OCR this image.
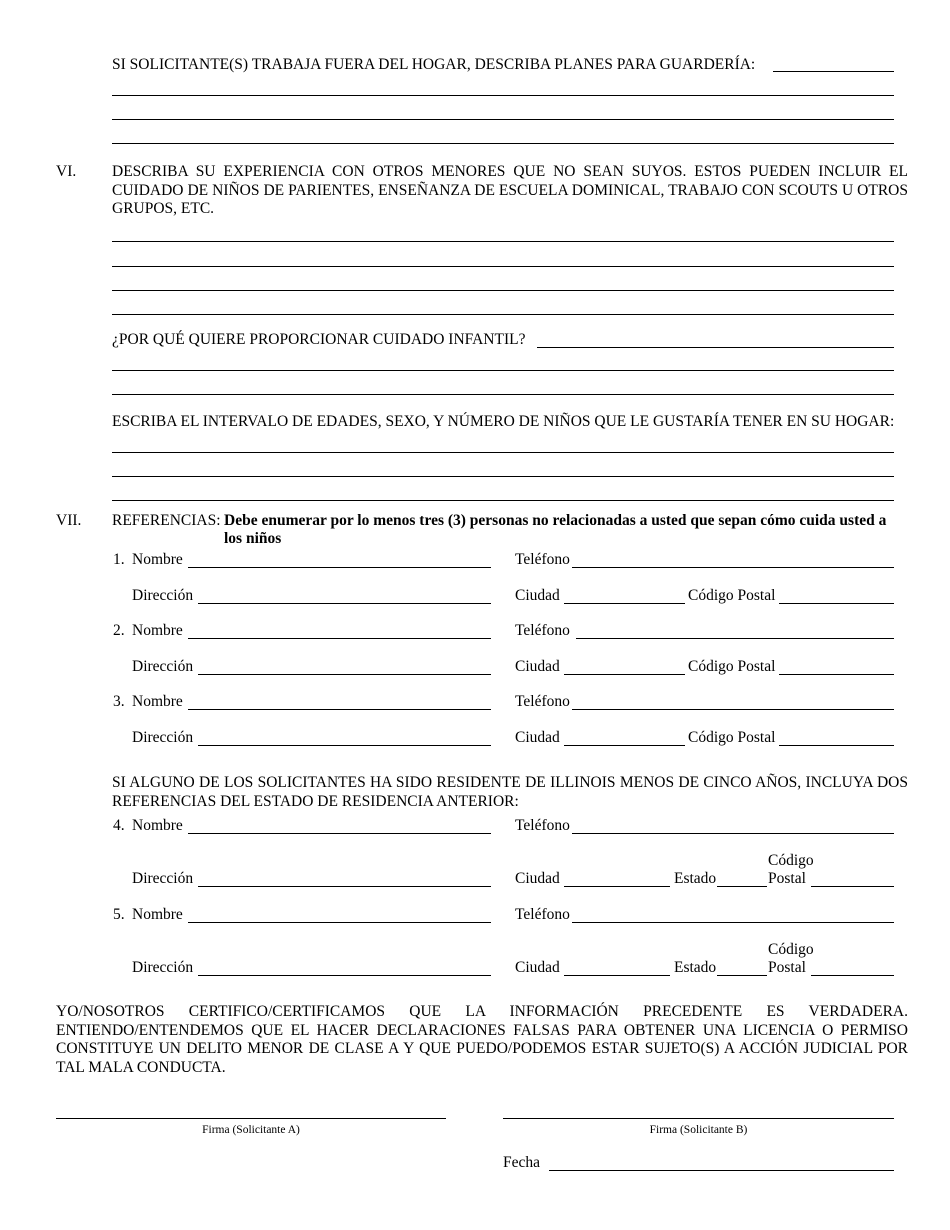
SI SOLICITANTE(S) TRABAJA FUERA DEL HOGAR, DESCRIBA PLANES PARA GUARDERÍA:
VI. DESCRIBA SU EXPERIENCIA CON OTROS MENORES QUE NO SEAN SUYOS. ESTOS PUEDEN INCLUIR EL CUIDADO DE NIÑOS DE PARIENTES, ENSEÑANZA DE ESCUELA DOMINICAL, TRABAJO CON SCOUTS U OTROS GRUPOS, ETC.
¿POR QUÉ QUIERE PROPORCIONAR CUIDADO INFANTIL?
ESCRIBA EL INTERVALO DE EDADES, SEXO, Y NÚMERO DE NIÑOS QUE LE GUSTARÍA TENER EN SU HOGAR:
VII. REFERENCIAS: Debe enumerar por lo menos tres (3) personas no relacionadas a usted que sepan cómo cuida usted a
los niños
1. Nombre	Teléfono
Dirección	Ciudad	Código Postal
2. Nombre	Teléfono
Dirección	Ciudad	Código Postal
3. Nombre	Teléfono
Dirección	Ciudad	Código Postal
SI ALGUNO DE LOS SOLICITANTES HA SIDO RESIDENTE DE ILLINOIS MENOS DE CINCO AÑOS, INCLUYA DOS REFERENCIAS DEL ESTADO DE RESIDENCIA ANTERIOR:
4. Nombre	Teléfono
Código
Dirección	Ciudad	Estado	Postal
5. Nombre	Teléfono
Código
Dirección	Ciudad	Estado	Postal
YO/NOSOTROS CERTIFICO/CERTIFICAMOS QUE LA INFORMACIÓN PRECEDENTE ES VERDADERA. ENTIENDO/ENTENDEMOS QUE EL HACER DECLARACIONES FALSAS PARA OBTENER UNA LICENCIA O PERMISO CONSTITUYE UN DELITO MENOR DE CLASE A Y QUE PUEDO/PODEMOS ESTAR SUJETO(S) A ACCIÓN JUDICIAL POR TAL MALA CONDUCTA.
Firma (Solicitante A)	Firma (Solicitante B)
Fecha
